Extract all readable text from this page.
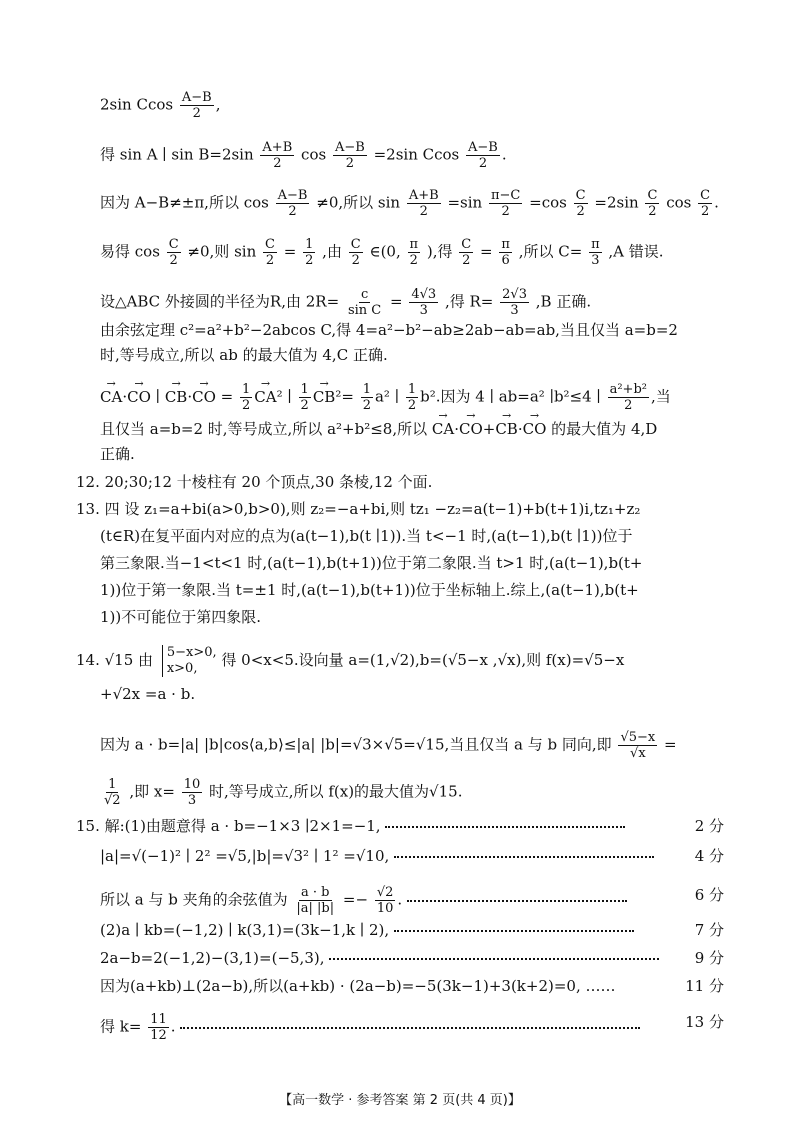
2sin Ccos $\frac{A-B}{2}$ ,
得 sin A ∣ $\sin B=2\sin \frac{A+B}{2}$ $\cos \frac{A-B}{2} =2\sin$ Ccos $\frac{A-B}{2}$ .
因为 A−B≠±π,所以 $\cos \frac{A-B}{2} \ne 0$,所以 $\sin \frac{A+B}{2} =\sin \frac{\pi-C}{2} =\cos \frac{C}{2} =2\sin \frac{C}{2}$ $\cos \frac{C}{2}$ .
易得 $\cos \frac{C}{2} \ne 0$,则 $\sin \frac{C}{2} = \frac{1}{2}$ ,由 $\frac{C}{2}$ ∈(0, $\frac{\pi}{2}$ ),得 $\frac{C}{2} = \frac{\pi}{6}$ ,所以 $C= \frac{\pi}{3} ,A$ 错误.
设△ABC 外接圆的半径为R,由 $2R= \frac{c}{\text{sin C}} = \frac{4√3}{3}$ ,得 $R= \frac{2√3}{3} ,B$ 正确.
由余弦定理 c²=a²+b²−2abcos C,得 4=a²−b²−ab≥2ab−ab=ab,当且仅当 a=b=2
时,等号成立,所以 ab 的最大值为 4,C 正确.
→ CA·→ CO ∣ → CB·→ CO = $\frac{1}{2}$
→ CA² ∣ $\frac{1}{2}$
→ $CB^2= \frac{1}{2} a^2$ ∣ $\frac{1}{2} b^2$.因为 4 ∣ ab=a² ∣b²≤4 ∣ $\frac{\text{a²+b²}}{2}$ ,当
且仅当 a=b=2 时,等号成立,所以 a²+b²≤8,所以 → CA·→ CO+→ CB·→ CO 的最大值为 4,D
正确.
12. 20;30;12 十棱柱有 20 个顶点,30 条棱,12 个面.
13. 四 设 z₁=a+bi(a>0,b>0),则 z₂=−a+bi,则 tz₁ −z₂=a(t−1)+b(t+1)i,tz₁+z₂
(t∈R)在复平面内对应的点为(a(t−1),b(t ∣1)).当 t<−1 时,(a(t−1),b(t ∣1))位于
第三象限.当−1<t<1 时,(a(t−1),b(t+1))位于第二象限.当 t>1 时,(a(t−1),b(t+
1))位于第一象限.当 t=±1 时,(a(t−1),b(t+1))位于坐标轴上.综上,(a(t−1),b(t+
1))不可能位于第四象限.
14. √15 由 5−x>0,
x>0,	得 0<x<5.设向量 a=(1,√2),b=(√5−x ,√x),则 f(x)=√5−x
+√2x =a · b.
因为 a · b=|a| |b|cos⟨a,b⟩≤|a| |b|=√3×√5=√15,当且仅当 a 与 b 同向,即 $\frac{√5-x}{√x}$ =
$\frac{1}{√2}$ ,即 $x= \frac{10}{3}$ 时,等号成立,所以 f(x)的最大值为√15.
15. 解:(1)由题意得 a · b=−1×3 ∣2×1=−1,	2 分
|a|=√(−1)² ∣ 2² =√5,|b|=√3² ∣ 1² =√10,	4 分
所以 a 与 b 夹角的余弦值为 $\frac{a \cdot b}{|a| |b|} =- \frac{√2}{10}$ .	6 分
(2)a ∣ kb=(−1,2) ∣ k(3,1)=(3k−1,k ∣ 2),	7 分
2a−b=2(−1,2)−(3,1)=(−5,3),	9 分
因为(a+kb)⊥(2a−b),所以(a+kb) · (2a−b)=−5(3k−1)+3(k+2)=0, ……	11 分
得 $k= \frac{11}{12}$ .	13 分
【高一数学 · 参考答案 第 2 页(共 4 页)】
